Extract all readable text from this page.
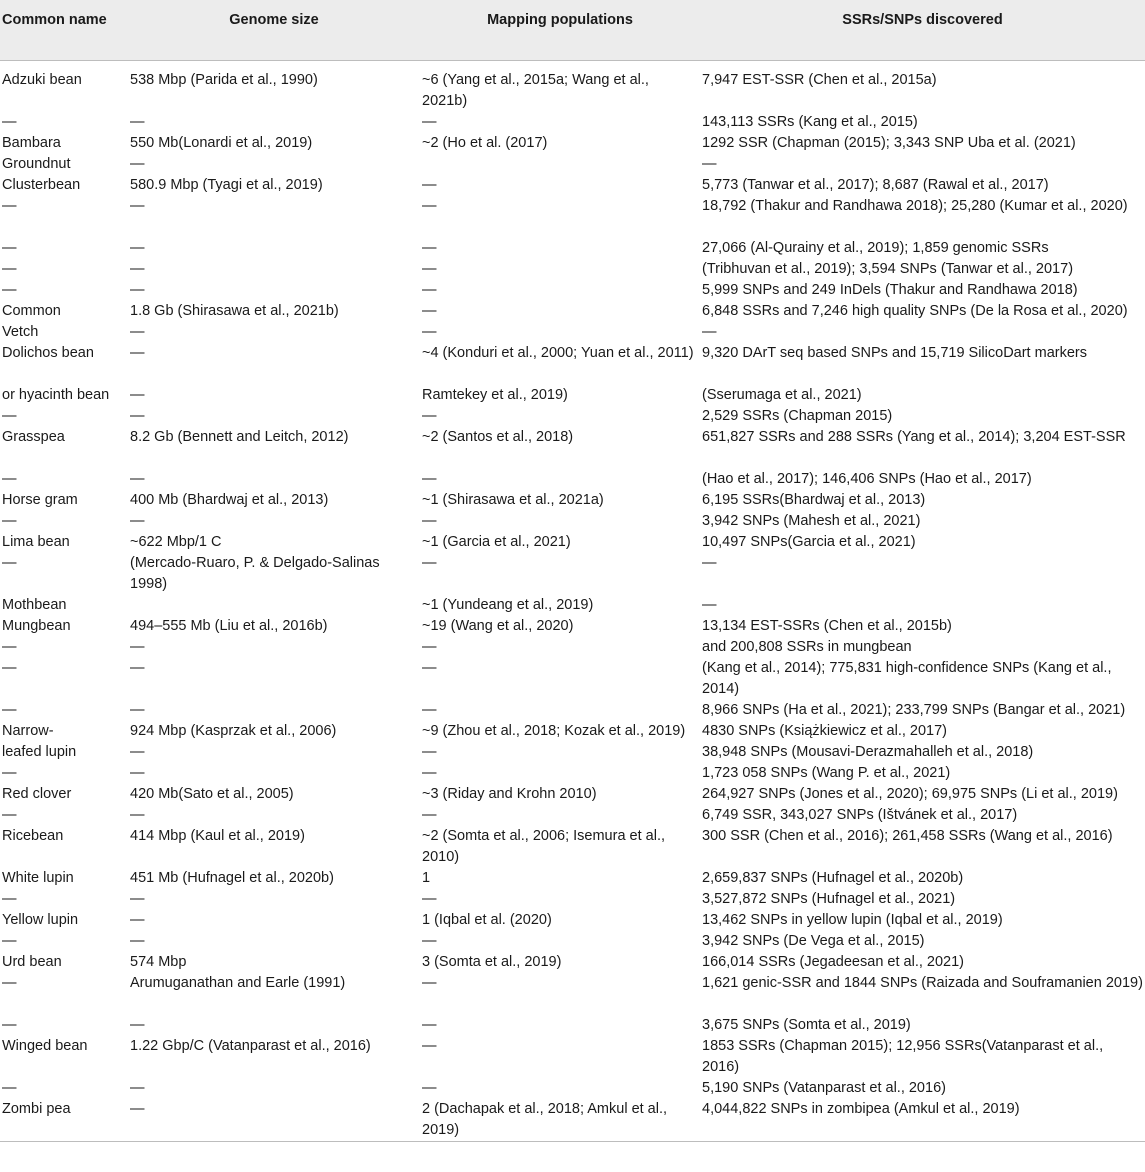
Common name	Genome size	Mapping populations	SSRs/SNPs discovered
Adzuki bean	538 Mbp (Parida et al., 1990)	~6 (Yang et al., 2015a; Wang et al., 2021b)	7,947 EST-SSR (Chen et al., 2015a)
—	—	—	143,113 SSRs (Kang et al., 2015)
Bambara	550 Mb(Lonardi et al., 2019)	~2 (Ho et al. (2017)	1292 SSR (Chapman (2015); 3,343 SNP Uba et al. (2021)
Groundnut	—		—
Clusterbean	580.9 Mbp (Tyagi et al., 2019)	—	5,773 (Tanwar et al., 2017); 8,687 (Rawal et al., 2017)
—	—	—	18,792 (Thakur and Randhawa 2018); 25,280 (Kumar et al., 2020)
—	—	—	27,066 (Al-Qurainy et al., 2019); 1,859 genomic SSRs
—	—	—	(Tribhuvan et al., 2019); 3,594 SNPs (Tanwar et al., 2017)
—	—	—	5,999 SNPs and 249 InDels (Thakur and Randhawa 2018)
Common	1.8 Gb (Shirasawa et al., 2021b)	—	6,848 SSRs and 7,246 high quality SNPs (De la Rosa et al., 2020)
Vetch	—	—	—
Dolichos bean	—	~4 (Konduri et al., 2000; Yuan et al., 2011)	9,320 DArT seq based SNPs and 15,719 SilicoDart markers
or hyacinth bean	—	Ramtekey et al., 2019)	(Sserumaga et al., 2021)
—	—	—	2,529 SSRs (Chapman 2015)
Grasspea	8.2 Gb (Bennett and Leitch, 2012)	~2 (Santos et al., 2018)	651,827 SSRs and 288 SSRs (Yang et al., 2014); 3,204 EST-SSR
—	—	—	(Hao et al., 2017); 146,406 SNPs (Hao et al., 2017)
Horse gram	400 Mb (Bhardwaj et al., 2013)	~1 (Shirasawa et al., 2021a)	6,195 SSRs(Bhardwaj et al., 2013)
—	—	—	3,942 SNPs (Mahesh et al., 2021)
Lima bean	~622 Mbp/1 C	~1 (Garcia et al., 2021)	10,497 SNPs(Garcia et al., 2021)
—	(Mercado-Ruaro, P. & Delgado-Salinas 1998)	—	—
Mothbean		~1 (Yundeang et al., 2019)	—
Mungbean	494–555 Mb (Liu et al., 2016b)	~19 (Wang et al., 2020)	13,134 EST-SSRs (Chen et al., 2015b)
—	—	—	and 200,808 SSRs in mungbean
—	—	—	(Kang et al., 2014); 775,831 high-confidence SNPs (Kang et al., 2014)
—	—	—	8,966 SNPs (Ha et al., 2021); 233,799 SNPs (Bangar et al., 2021)
Narrow-	924 Mbp (Kasprzak et al., 2006)	~9 (Zhou et al., 2018; Kozak et al., 2019)	4830 SNPs (Książkiewicz et al., 2017)
leafed lupin	—	—	38,948 SNPs (Mousavi-Derazmahalleh et al., 2018)
—	—	—	1,723 058 SNPs (Wang P. et al., 2021)
Red clover	420 Mb(Sato et al., 2005)	~3 (Riday and Krohn 2010)	264,927 SNPs (Jones et al., 2020); 69,975 SNPs (Li et al., 2019)
—	—	—	6,749 SSR, 343,027 SNPs (Ištvánek et al., 2017)
Ricebean	414 Mbp (Kaul et al., 2019)	~2 (Somta et al., 2006; Isemura et al., 2010)	300 SSR (Chen et al., 2016); 261,458 SSRs (Wang et al., 2016)
White lupin	451 Mb (Hufnagel et al., 2020b)	1	2,659,837 SNPs (Hufnagel et al., 2020b)
—	—	—	3,527,872 SNPs (Hufnagel et al., 2021)
Yellow lupin	—	1 (Iqbal et al. (2020)	13,462 SNPs in yellow lupin (Iqbal et al., 2019)
—	—	—	3,942 SNPs (De Vega et al., 2015)
Urd bean	574 Mbp	3 (Somta et al., 2019)	166,014 SSRs (Jegadeesan et al., 2021)
—	Arumuganathan and Earle (1991)	—	1,621 genic-SSR and 1844 SNPs (Raizada and Souframanien 2019)
—	—	—	3,675 SNPs (Somta et al., 2019)
Winged bean	1.22 Gbp/C (Vatanparast et al., 2016)	—	1853 SSRs (Chapman 2015); 12,956 SSRs(Vatanparast et al., 2016)
—	—	—	5,190 SNPs (Vatanparast et al., 2016)
Zombi pea	—	2 (Dachapak et al., 2018; Amkul et al., 2019)	4,044,822 SNPs in zombipea (Amkul et al., 2019)
